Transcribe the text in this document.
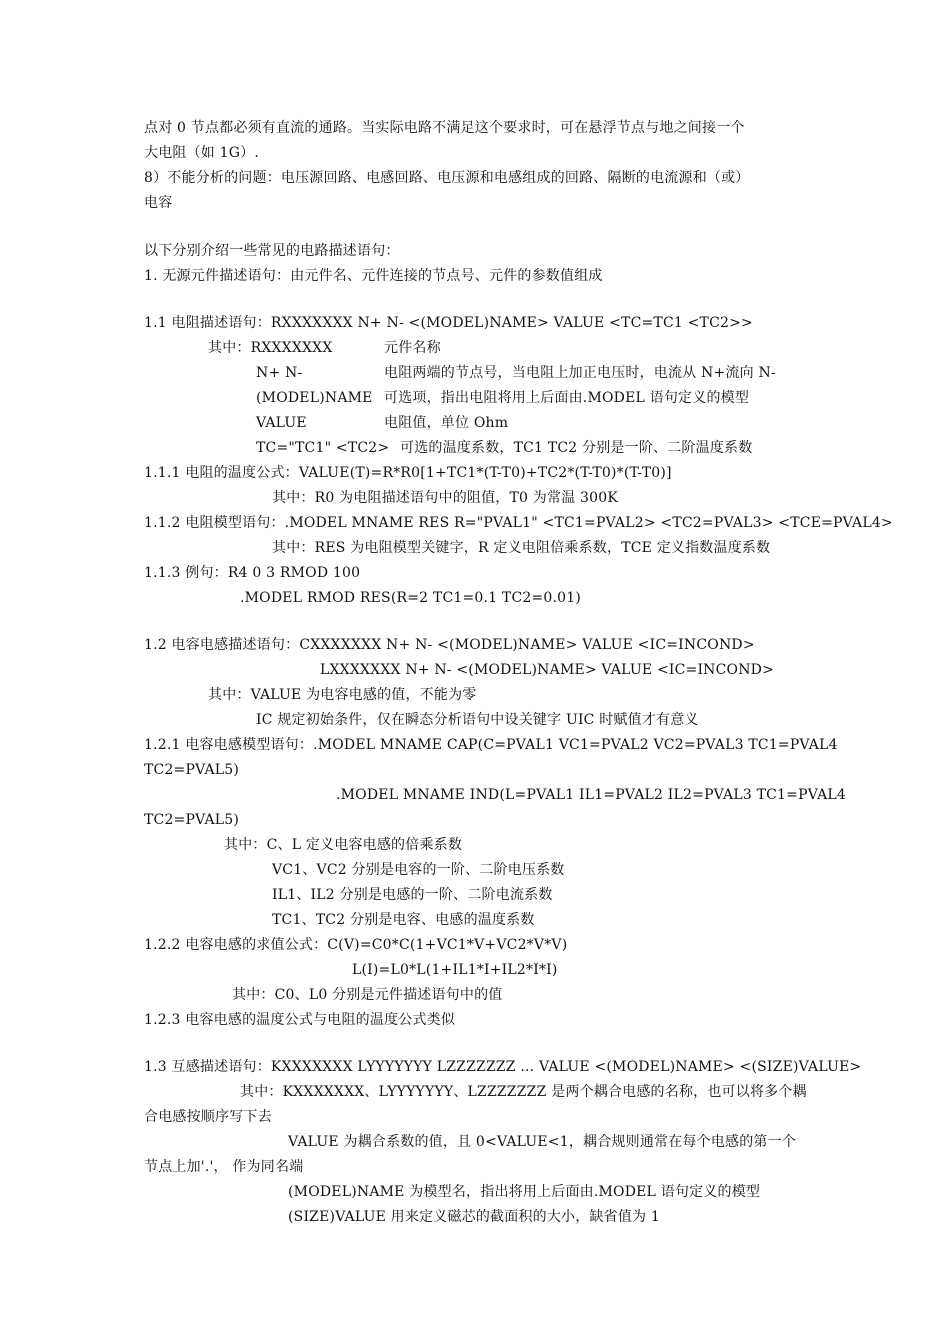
点对 0 节点都必须有直流的通路。当实际电路不满足这个要求时，可在悬浮节点与地之间接一个
大电阻（如 1G）.
8）不能分析的问题：电压源回路、电感回路、电压源和电感组成的回路、隔断的电流源和（或）
电容
以下分别介绍一些常见的电路描述语句：
1. 无源元件描述语句：由元件名、元件连接的节点号、元件的参数值组成
1.1 电阻描述语句：RXXXXXXX N+ N- <(MODEL)NAME> VALUE <TC=TC1 <TC2>>
其中：RXXXXXXX	元件名称
N+ N-	电阻两端的节点号，当电阻上加正电压时，电流从 N+流向 N-
(MODEL)NAME 可选项，指出电阻将用上后面由.MODEL 语句定义的模型
VALUE	电阻值，单位 Ohm
TC="TC1" <TC2> 可选的温度系数，TC1 TC2 分别是一阶、二阶温度系数
1.1.1 电阻的温度公式：VALUE(T)=R*R0[1+TC1*(T-T0)+TC2*(T-T0)*(T-T0)]
其中：R0 为电阻描述语句中的阻值，T0 为常温 300K
1.1.2 电阻模型语句：.MODEL MNAME RES R="PVAL1" <TC1=PVAL2> <TC2=PVAL3> <TCE=PVAL4>
其中：RES 为电阻模型关键字，R 定义电阻倍乘系数，TCE 定义指数温度系数
1.1.3 例句：R4 0 3 RMOD 100
.MODEL RMOD RES(R=2 TC1=0.1 TC2=0.01)
1.2 电容电感描述语句：CXXXXXXX N+ N- <(MODEL)NAME> VALUE <IC=INCOND>
LXXXXXXX N+ N- <(MODEL)NAME> VALUE <IC=INCOND>
其中：VALUE 为电容电感的值，不能为零
IC 规定初始条件，仅在瞬态分析语句中设关键字 UIC 时赋值才有意义
1.2.1 电容电感模型语句：.MODEL MNAME CAP(C=PVAL1 VC1=PVAL2 VC2=PVAL3 TC1=PVAL4
TC2=PVAL5)
.MODEL MNAME IND(L=PVAL1 IL1=PVAL2 IL2=PVAL3 TC1=PVAL4
TC2=PVAL5)
其中：C、L 定义电容电感的倍乘系数
VC1、VC2 分别是电容的一阶、二阶电压系数
IL1、IL2 分别是电感的一阶、二阶电流系数
TC1、TC2 分别是电容、电感的温度系数
1.2.2 电容电感的求值公式：C(V)=C0*C(1+VC1*V+VC2*V*V)
L(I)=L0*L(1+IL1*I+IL2*I*I)
其中：C0、L0 分别是元件描述语句中的值
1.2.3 电容电感的温度公式与电阻的温度公式类似
1.3 互感描述语句：KXXXXXXX LYYYYYYY LZZZZZZZ ... VALUE <(MODEL)NAME> <(SIZE)VALUE>
其中：KXXXXXXX、LYYYYYYY、LZZZZZZZ 是两个耦合电感的名称，也可以将多个耦
合电感按顺序写下去
VALUE 为耦合系数的值，且 0<VALUE<1，耦合规则通常在每个电感的第一个
节点上加'.'， 作为同名端
(MODEL)NAME 为模型名，指出将用上后面由.MODEL 语句定义的模型
(SIZE)VALUE 用来定义磁芯的截面积的大小，缺省值为 1
